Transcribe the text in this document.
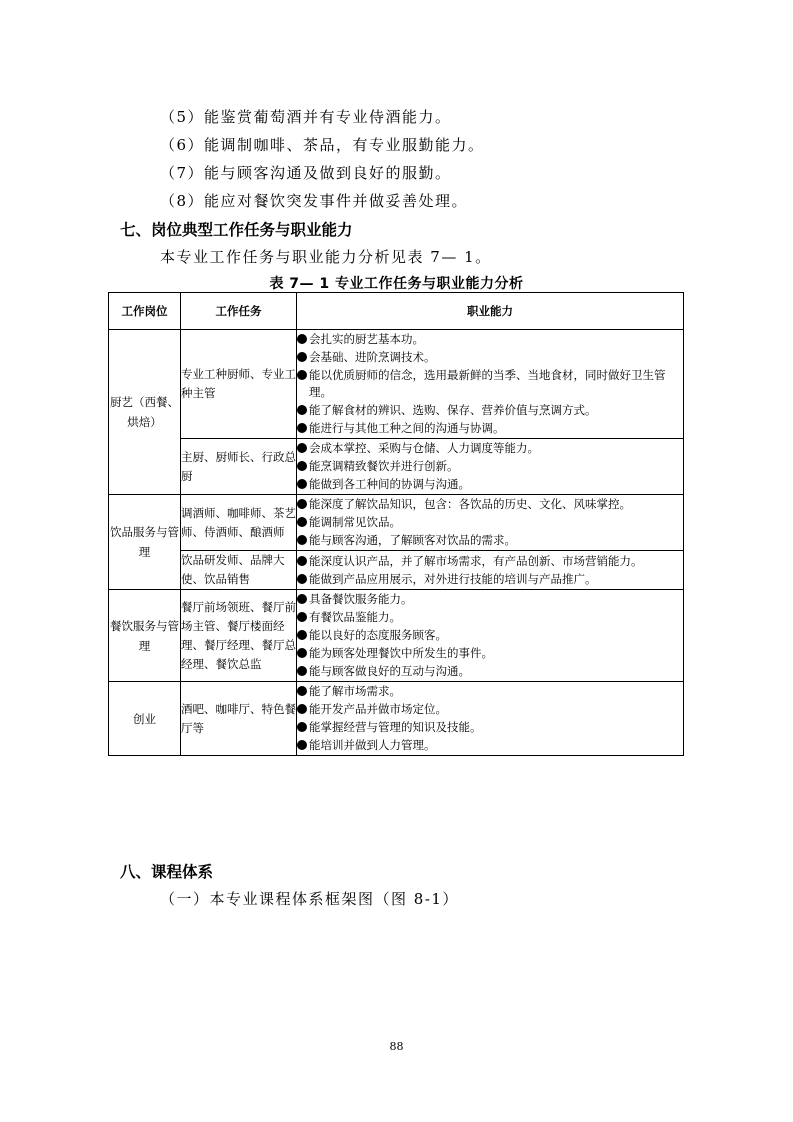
（5）能鉴赏葡萄酒并有专业侍酒能力。
（6）能调制咖啡、茶品，有专业服勤能力。
（7）能与顾客沟通及做到良好的服勤。
（8）能应对餐饮突发事件并做妥善处理。
七、岗位典型工作任务与职业能力
本专业工作任务与职业能力分析见表 7— 1。
表 7— 1 专业工作任务与职业能力分析
工作岗位	工作任务	职业能力
厨艺（西餐、烘焙）	专业工种厨师、专业工种主管	会扎实的厨艺基本功。
会基础、进阶烹调技术。
能以优质厨师的信念，选用最新鲜的当季、当地食材，同时做好卫生管理。
能了解食材的辨识、选购、保存、营养价值与烹调方式。
能进行与其他工种之间的沟通与协调。

	主厨、厨师长、行政总厨	会成本掌控、采购与仓储、人力调度等能力。
能烹调精致餐饮并进行创新。
能做到各工种间的协调与沟通。

饮品服务与管理	调酒师、咖啡师、茶艺师、侍酒师、酿酒师	能深度了解饮品知识，包含：各饮品的历史、文化、风味掌控。
能调制常见饮品。
能与顾客沟通，了解顾客对饮品的需求。

	饮品研发师、品牌大使、饮品销售	能深度认识产品，并了解市场需求，有产品创新、市场营销能力。
能做到产品应用展示，对外进行技能的培训与产品推广。

餐饮服务与管理	餐厅前场领班、餐厅前场主管、餐厅楼面经理、餐厅经理、餐厅总经理、餐饮总监	具备餐饮服务能力。
有餐饮品鉴能力。
能以良好的态度服务顾客。
能为顾客处理餐饮中所发生的事件。
能与顾客做良好的互动与沟通。

创业	酒吧、咖啡厅、特色餐厅等	能了解市场需求。
能开发产品并做市场定位。
能掌握经营与管理的知识及技能。
能培训并做到人力管理。
八、课程体系
（一）本专业课程体系框架图（图 8-1）
88
